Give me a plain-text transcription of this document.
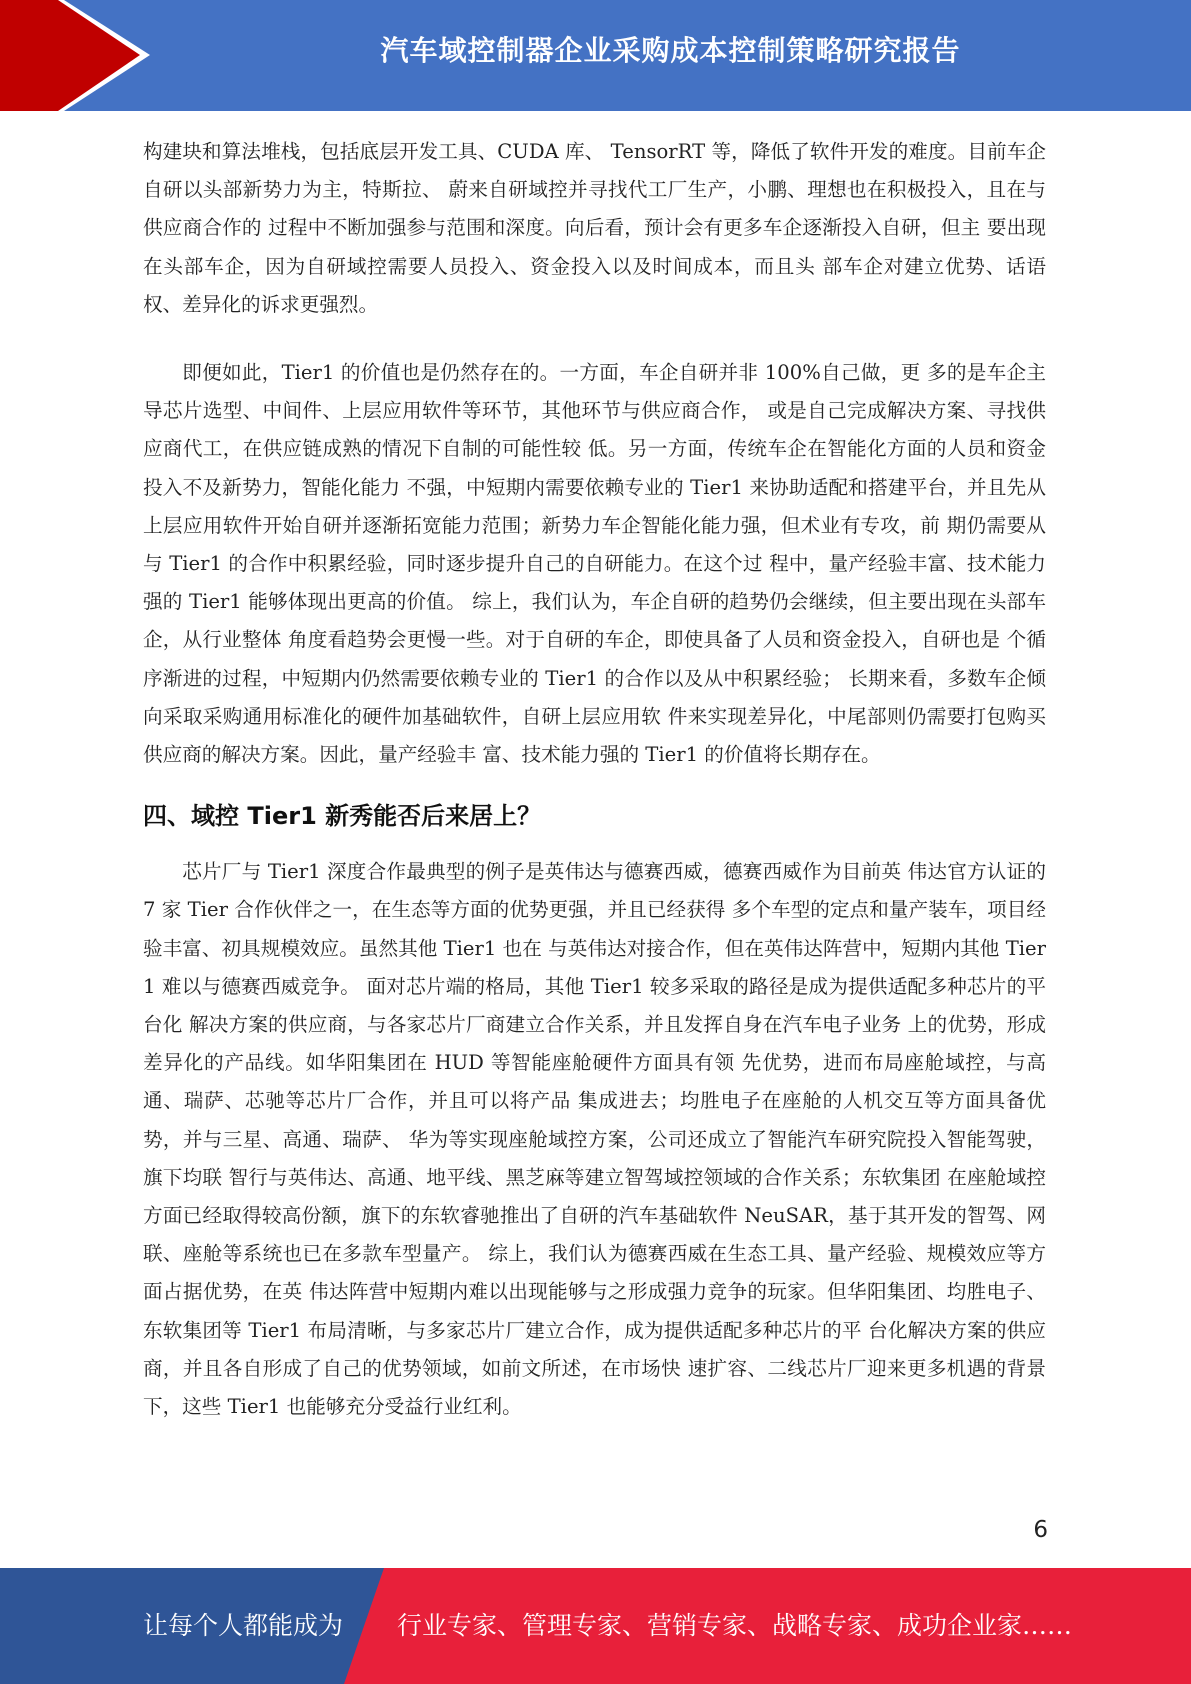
汽车域控制器企业采购成本控制策略研究报告

构建块和算法堆栈，包括底层开发工具、CUDA 库、 TensorRT 等，降低了软件开发的难度。目前车企自研以头部新势力为主，特斯拉、 蔚来自研域控并寻找代工厂生产，小鹏、理想也在积极投入，且在与供应商合作的 过程中不断加强参与范围和深度。向后看，预计会有更多车企逐渐投入自研，但主 要出现在头部车企，因为自研域控需要人员投入、资金投入以及时间成本，而且头 部车企对建立优势、话语权、差异化的诉求更强烈。

即便如此，Tier1 的价值也是仍然存在的。一方面，车企自研并非 100%自己做，更 多的是车企主导芯片选型、中间件、上层应用软件等环节，其他环节与供应商合作， 或是自己完成解决方案、寻找供应商代工，在供应链成熟的情况下自制的可能性较 低。另一方面，传统车企在智能化方面的人员和资金投入不及新势力，智能化能力 不强，中短期内需要依赖专业的 Tier1 来协助适配和搭建平台，并且先从上层应用软件开始自研并逐渐拓宽能力范围；新势力车企智能化能力强，但术业有专攻，前 期仍需要从与 Tier1 的合作中积累经验，同时逐步提升自己的自研能力。在这个过 程中，量产经验丰富、技术能力强的 Tier1 能够体现出更高的价值。 综上，我们认为，车企自研的趋势仍会继续，但主要出现在头部车企，从行业整体 角度看趋势会更慢一些。对于自研的车企，即使具备了人员和资金投入，自研也是 个循序渐进的过程，中短期内仍然需要依赖专业的 Tier1 的合作以及从中积累经验； 长期来看，多数车企倾向采取采购通用标准化的硬件加基础软件，自研上层应用软 件来实现差异化，中尾部则仍需要打包购买供应商的解决方案。因此，量产经验丰 富、技术能力强的 Tier1 的价值将长期存在。

四、域控 Tier1 新秀能否后来居上？

芯片厂与 Tier1 深度合作最典型的例子是英伟达与德赛西威，德赛西威作为目前英 伟达官方认证的 7 家 Tier 合作伙伴之一，在生态等方面的优势更强，并且已经获得 多个车型的定点和量产装车，项目经验丰富、初具规模效应。虽然其他 Tier1 也在 与英伟达对接合作，但在英伟达阵营中，短期内其他 Tier1 难以与德赛西威竞争。 面对芯片端的格局，其他 Tier1 较多采取的路径是成为提供适配多种芯片的平台化 解决方案的供应商，与各家芯片厂商建立合作关系，并且发挥自身在汽车电子业务 上的优势，形成差异化的产品线。如华阳集团在 HUD 等智能座舱硬件方面具有领 先优势，进而布局座舱域控，与高通、瑞萨、芯驰等芯片厂合作，并且可以将产品 集成进去；均胜电子在座舱的人机交互等方面具备优势，并与三星、高通、瑞萨、 华为等实现座舱域控方案，公司还成立了智能汽车研究院投入智能驾驶，旗下均联 智行与英伟达、高通、地平线、黑芝麻等建立智驾域控领域的合作关系；东软集团 在座舱域控方面已经取得较高份额，旗下的东软睿驰推出了自研的汽车基础软件 NeuSAR，基于其开发的智驾、网联、座舱等系统也已在多款车型量产。 综上，我们认为德赛西威在生态工具、量产经验、规模效应等方面占据优势，在英 伟达阵营中短期内难以出现能够与之形成强力竞争的玩家。但华阳集团、均胜电子、 东软集团等 Tier1 布局清晰，与多家芯片厂建立合作，成为提供适配多种芯片的平 台化解决方案的供应商，并且各自形成了自己的优势领域，如前文所述，在市场快 速扩容、二线芯片厂迎来更多机遇的背景下，这些 Tier1 也能够充分受益行业红利。

6
让每个人都能成为 行业专家、管理专家、营销专家、战略专家、成功企业家……
